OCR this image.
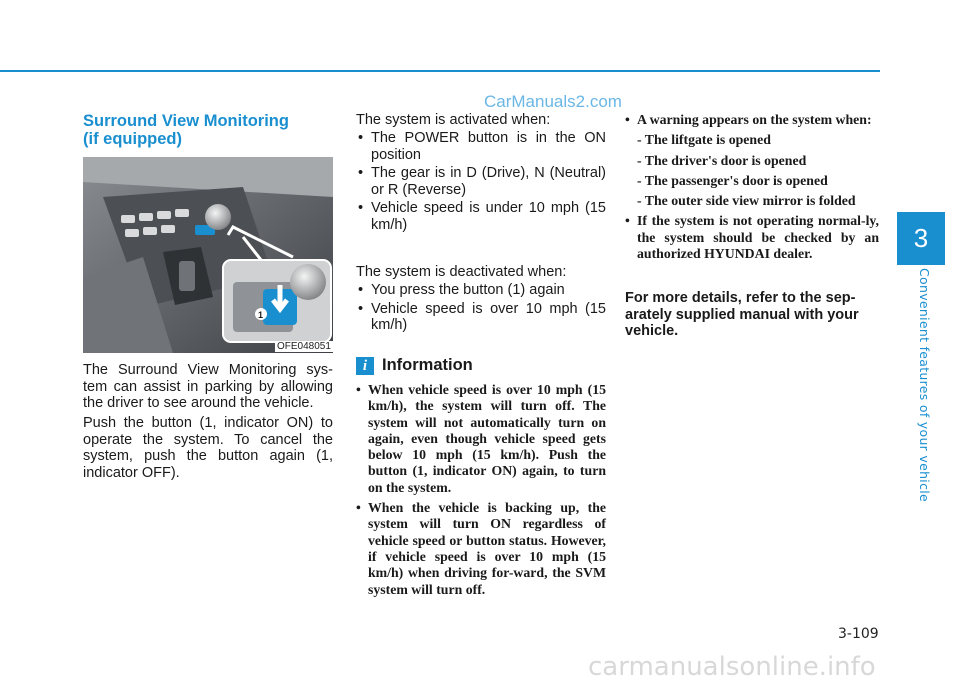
CarManuals2.com
Surround View Monitoring
(if equipped)
1
OFE048051

The Surround View Monitoring sys-tem can assist in parking by allowing the driver to see around the vehicle.

Push the button (1, indicator ON) to operate the system. To cancel the system, push the button again (1, indicator OFF).

The system is activated when:
• The POWER button is in the ON position
• The gear is in D (Drive), N (Neutral) or R (Reverse)
• Vehicle speed is under 10 mph (15 km/h)
The system is deactivated when:
• You press the button (1) again
• Vehicle speed is over 10 mph (15 km/h)
i Information
• When vehicle speed is over 10 mph (15 km/h), the system will turn off. The system will not automatically turn on again, even though vehicle speed gets below 10 mph (15 km/h). Push the button (1, indicator ON) again, to turn on the system.
• When the vehicle is backing up, the system will turn ON regardless of vehicle speed or button status. However, if vehicle speed is over 10 mph (15 km/h) when driving for-ward, the SVM system will turn off.
• A warning appears on the system when:
- The liftgate is opened
- The driver's door is opened
- The passenger's door is opened
- The outer side view mirror is folded
• If the system is not operating normal-ly, the system should be checked by an authorized HYUNDAI dealer.

For more details, refer to the sep-arately supplied manual with your vehicle.

3
Convenient features of your vehicle
3-109
carmanualsonline.info
